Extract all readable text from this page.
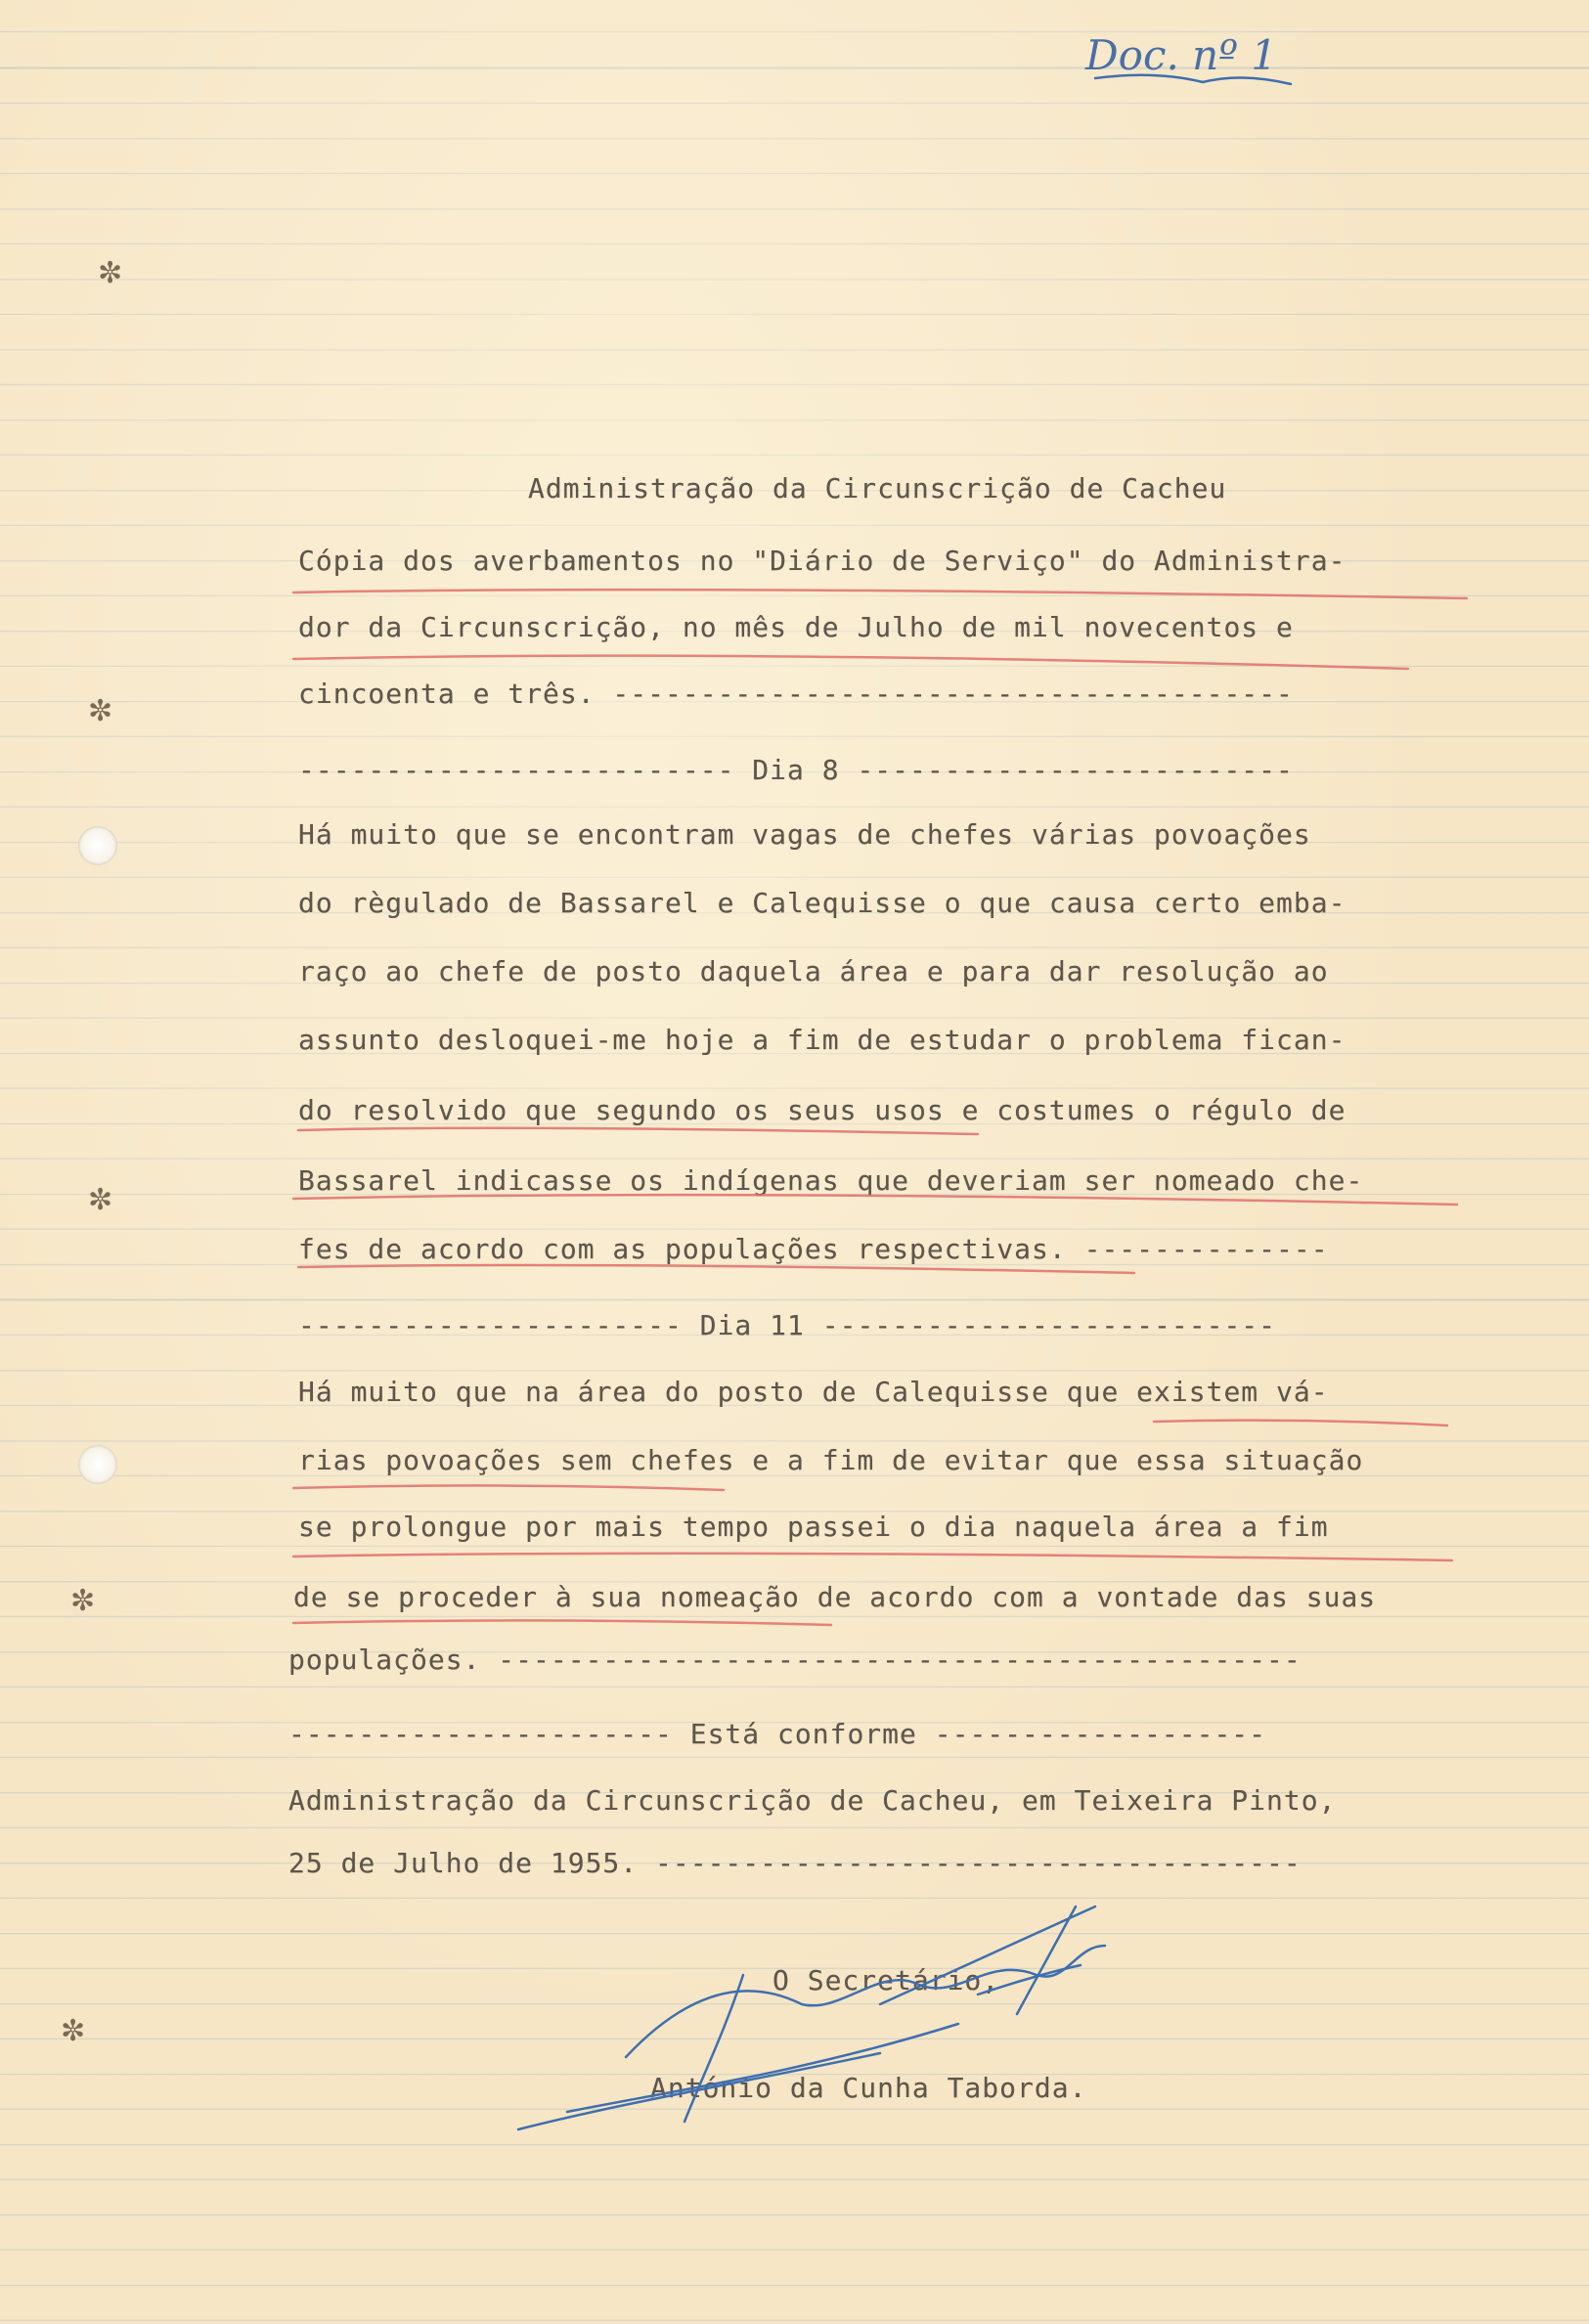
Doc. nº 1
✼
✼
✼
✼
✼

Administração da Circunscrição de Cacheu

Cópia dos averbamentos no "Diário de Serviço" do Administra-

dor da Circunscrição, no mês de Julho de mil novecentos e

cincoenta e três. ---------------------------------------

------------------------- Dia 8 -------------------------

Há muito que se encontram vagas de chefes várias povoações

do règulado de Bassarel e Calequisse o que causa certo emba-

raço ao chefe de posto daquela área e para dar resolução ao

assunto desloquei-me hoje a fim de estudar o problema fican-

do resolvido que segundo os seus usos e costumes o régulo de

Bassarel indicasse os indígenas que deveriam ser nomeado che-

fes de acordo com as populações respectivas. --------------

---------------------- Dia 11 --------------------------

Há muito que na área do posto de Calequisse que existem vá-

rias povoações sem chefes e a fim de evitar que essa situação

se prolongue por mais tempo passei o dia naquela área a fim

de se proceder à sua nomeação de acordo com a vontade das suas

populações. ----------------------------------------------

---------------------- Está conforme -------------------

Administração da Circunscrição de Cacheu, em Teixeira Pinto,

25 de Julho de 1955. -------------------------------------

O Secretário,

António da Cunha Taborda.
